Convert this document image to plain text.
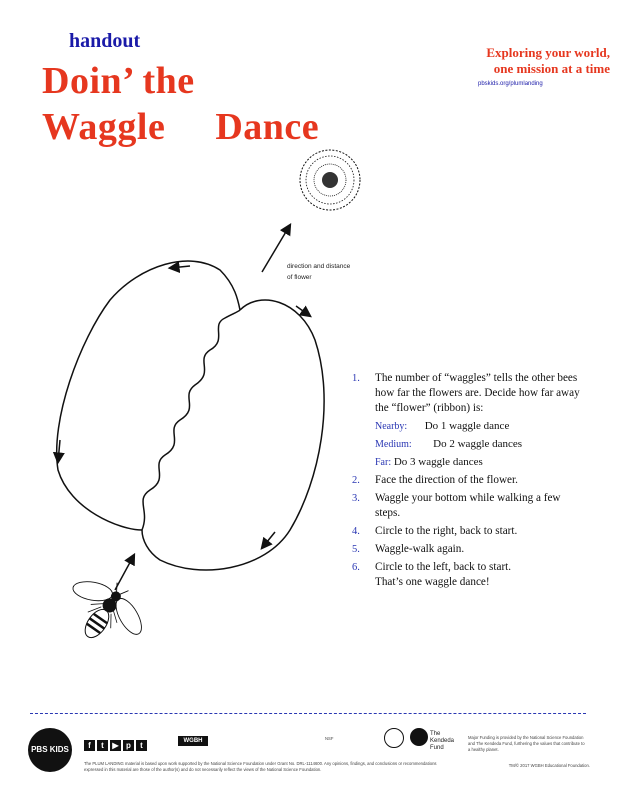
handout
Doin’ the
Waggle     Dance
Exploring your world,
one mission at a time
pbskids.org/plumlanding
direction and distance
of flower
1. The number of “waggles” tells the other bees how far the flowers are. Decide how far away the “flower” (ribbon) is:
Nearby: Do 1 waggle dance
Medium: Do 2 waggle dances
Far: Do 3 waggle dances
2. Face the direction of the flower.
3. Waggle your bottom while walking a few steps.
4. Circle to the right, back to start.
5. Waggle-walk again.
6. Circle to the left, back to start.
That’s one waggle dance!
PBS KIDS	f t ▶ p t	WGBH	NSF
The Kendeda Fund
The PLUM LANDING material is based upon work supported by the National Science Foundation under Grant No. DRL-1114600. Any opinions, findings, and conclusions or recommendations expressed in this material are those of the author(s) and do not necessarily reflect the views of the National Science Foundation.
Major Funding is provided by the National Science Foundation and The Kendeda Fund, furthering the values that contribute to a healthy planet.
TM/© 2017 WGBH Educational Foundation.
